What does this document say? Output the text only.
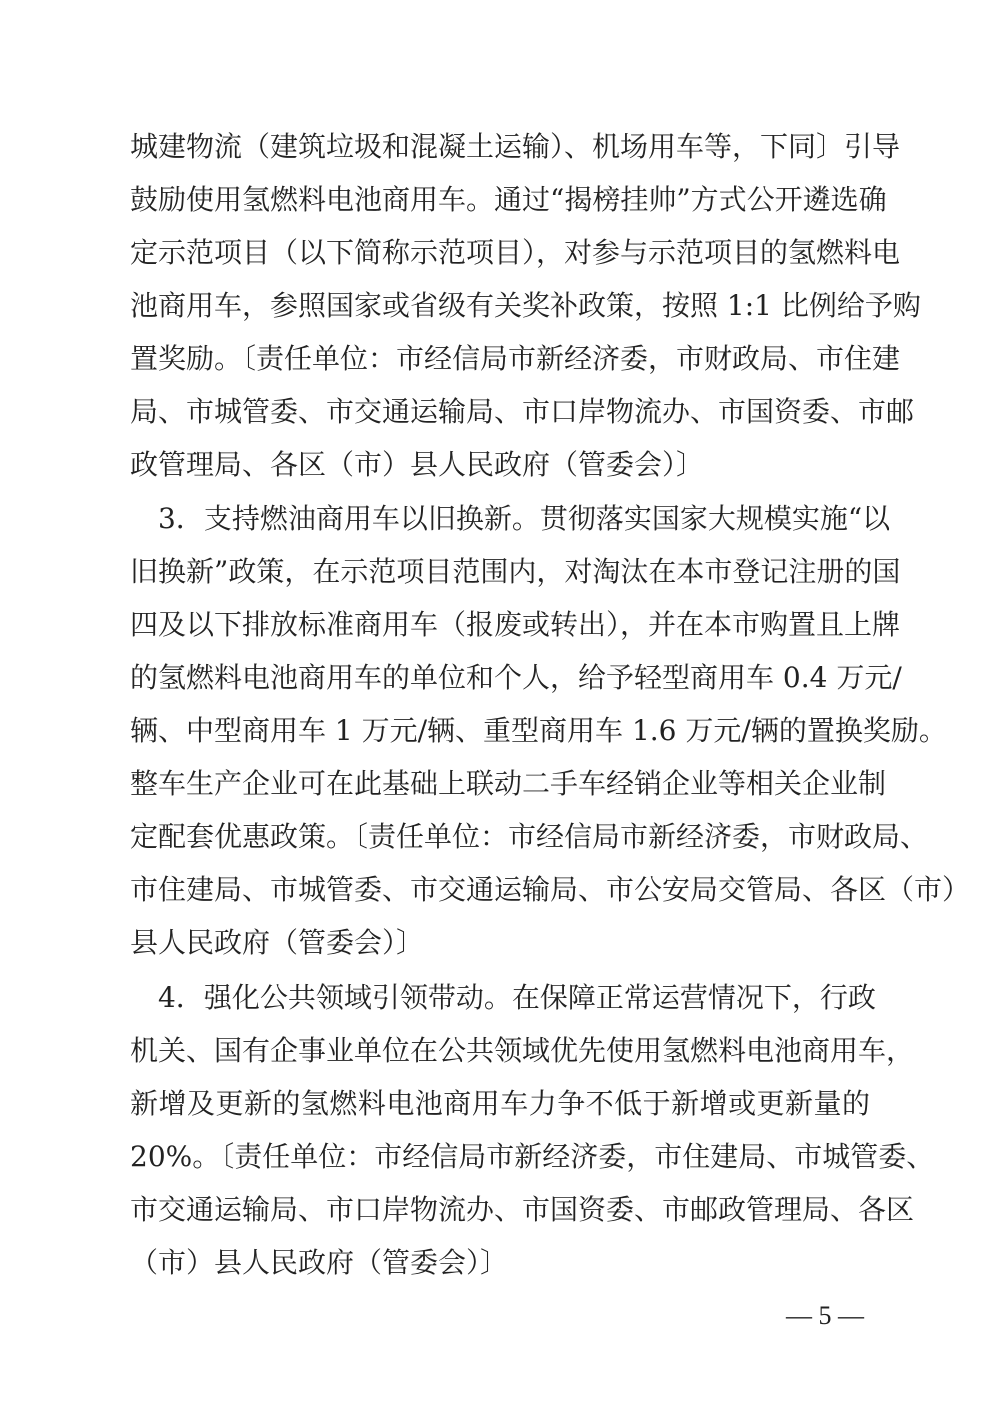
城建物流（建筑垃圾和混凝土运输）、机场用车等，下同〕引导
鼓励使用氢燃料电池商用车。通过“揭榜挂帅”方式公开遴选确
定示范项目（以下简称示范项目），对参与示范项目的氢燃料电
池商用车，参照国家或省级有关奖补政策，按照 1:1 比例给予购
置奖励。〔责任单位：市经信局市新经济委，市财政局、市住建
局、市城管委、市交通运输局、市口岸物流办、市国资委、市邮
政管理局、各区（市）县人民政府（管委会）〕
　3．支持燃油商用车以旧换新。贯彻落实国家大规模实施“以
旧换新”政策，在示范项目范围内，对淘汰在本市登记注册的国
四及以下排放标准商用车（报废或转出），并在本市购置且上牌
的氢燃料电池商用车的单位和个人，给予轻型商用车 0.4 万元/
辆、中型商用车 1 万元/辆、重型商用车 1.6 万元/辆的置换奖励。
整车生产企业可在此基础上联动二手车经销企业等相关企业制
定配套优惠政策。〔责任单位：市经信局市新经济委，市财政局、
市住建局、市城管委、市交通运输局、市公安局交管局、各区（市）
县人民政府（管委会）〕
　4．强化公共领域引领带动。在保障正常运营情况下，行政
机关、国有企事业单位在公共领域优先使用氢燃料电池商用车，
新增及更新的氢燃料电池商用车力争不低于新增或更新量的
20%。〔责任单位：市经信局市新经济委，市住建局、市城管委、
市交通运输局、市口岸物流办、市国资委、市邮政管理局、各区
（市）县人民政府（管委会）〕
— 5 —
